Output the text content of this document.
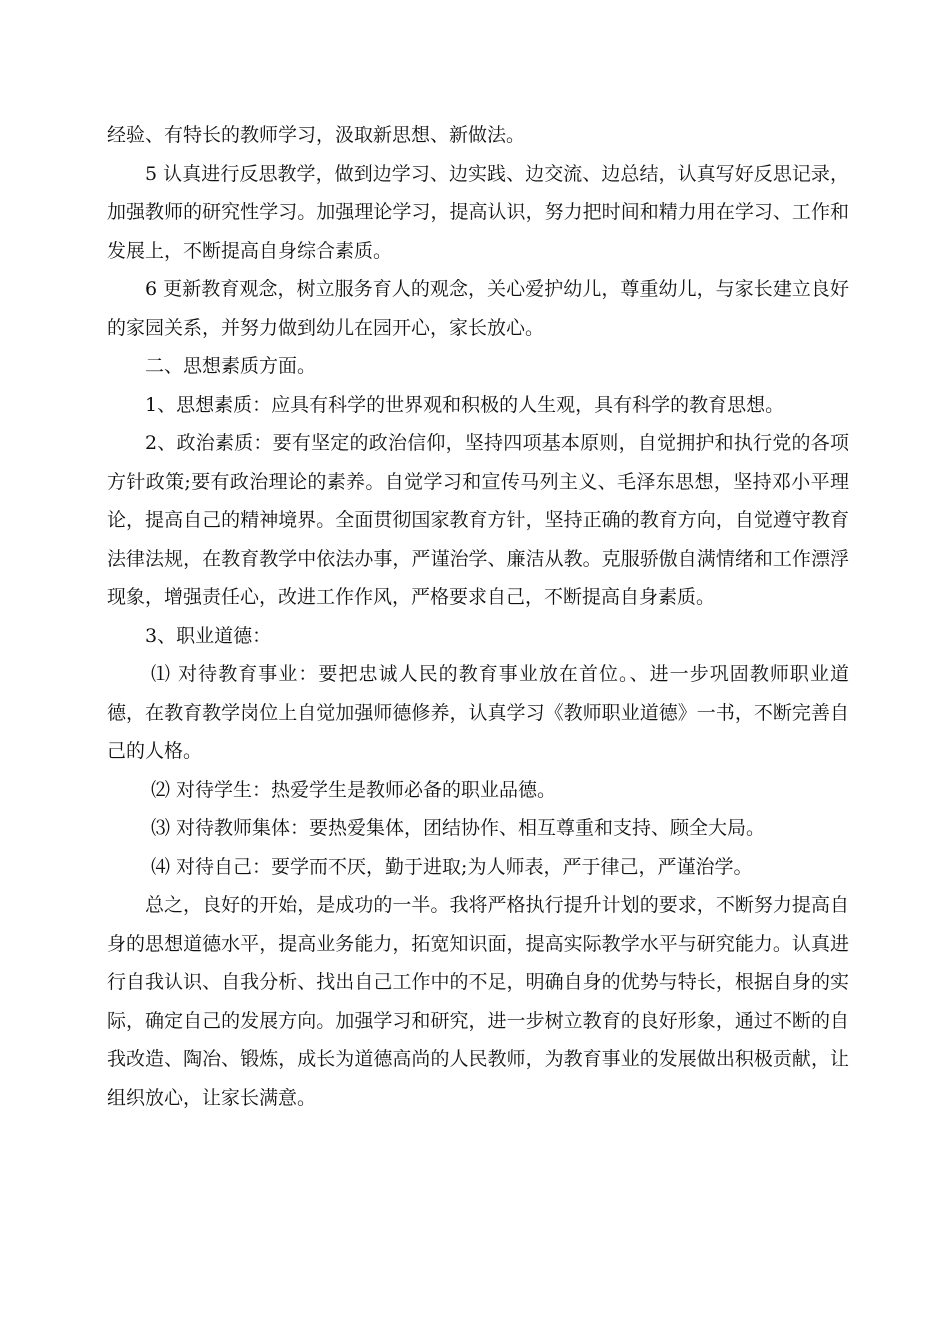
经验、有特长的教师学习，汲取新思想、新做法。

5 认真进行反思教学，做到边学习、边实践、边交流、边总结，认真写好反思记录，加强教师的研究性学习。加强理论学习，提高认识，努力把时间和精力用在学习、工作和发展上，不断提高自身综合素质。

6 更新教育观念，树立服务育人的观念，关心爱护幼儿，尊重幼儿，与家长建立良好的家园关系，并努力做到幼儿在园开心，家长放心。

二、思想素质方面。

1、思想素质：应具有科学的世界观和积极的人生观，具有科学的教育思想。

2、政治素质：要有坚定的政治信仰，坚持四项基本原则，自觉拥护和执行党的各项方针政策;要有政治理论的素养。自觉学习和宣传马列主义、毛泽东思想，坚持邓小平理论，提高自己的精神境界。全面贯彻国家教育方针，坚持正确的教育方向，自觉遵守教育法律法规，在教育教学中依法办事，严谨治学、廉洁从教。克服骄傲自满情绪和工作漂浮现象，增强责任心，改进工作作风，严格要求自己，不断提高自身素质。

3、职业道德：

⑴ 对待教育事业：要把忠诚人民的教育事业放在首位。、进一步巩固教师职业道德，在教育教学岗位上自觉加强师德修养，认真学习《教师职业道德》一书，不断完善自己的人格。

⑵ 对待学生：热爱学生是教师必备的职业品德。

⑶ 对待教师集体：要热爱集体，团结协作、相互尊重和支持、顾全大局。

⑷ 对待自己：要学而不厌，勤于进取;为人师表，严于律己，严谨治学。

总之，良好的开始，是成功的一半。我将严格执行提升计划的要求，不断努力提高自身的思想道德水平，提高业务能力，拓宽知识面，提高实际教学水平与研究能力。认真进行自我认识、自我分析、找出自己工作中的不足，明确自身的优势与特长，根据自身的实际，确定自己的发展方向。加强学习和研究，进一步树立教育的良好形象，通过不断的自我改造、陶冶、锻炼，成长为道德高尚的人民教师，为教育事业的发展做出积极贡献，让组织放心，让家长满意。
